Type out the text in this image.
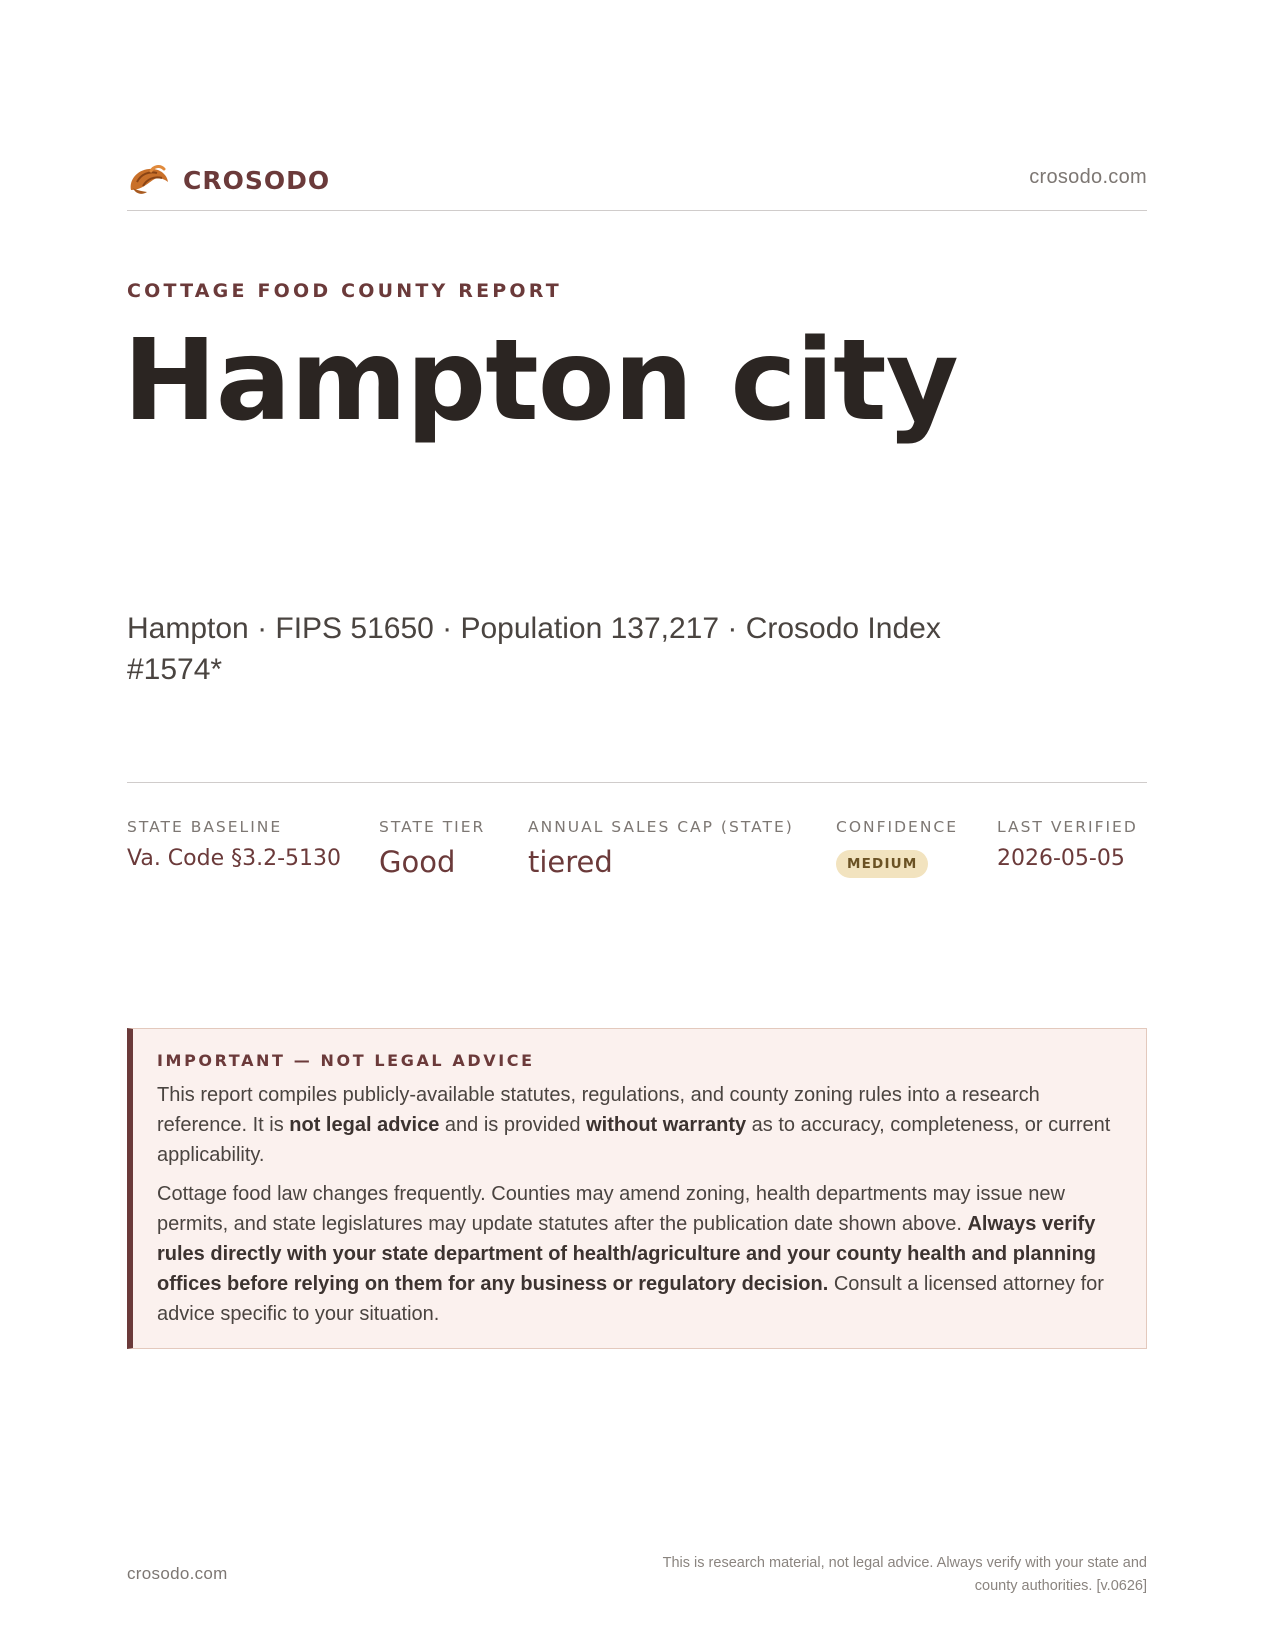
CROSODO	crosodo.com
COTTAGE FOOD COUNTY REPORT
Hampton city
Hampton · FIPS 51650 · Population 137,217 · Crosodo Index #1574*
STATE BASELINE
Va. Code §3.2-5130
STATE TIER
Good
ANNUAL SALES CAP (STATE)
tiered
CONFIDENCE
MEDIUM
LAST VERIFIED
2026-05-05
IMPORTANT — NOT LEGAL ADVICE

This report compiles publicly-available statutes, regulations, and county zoning rules into a research reference. It is not legal advice and is provided without warranty as to accuracy, completeness, or current applicability.

Cottage food law changes frequently. Counties may amend zoning, health departments may issue new permits, and state legislatures may update statutes after the publication date shown above. Always verify rules directly with your state department of health/agriculture and your county health and planning offices before relying on them for any business or regulatory decision. Consult a licensed attorney for advice specific to your situation.

crosodo.com
This is research material, not legal advice. Always verify with your state and county authorities. [v.0626]
